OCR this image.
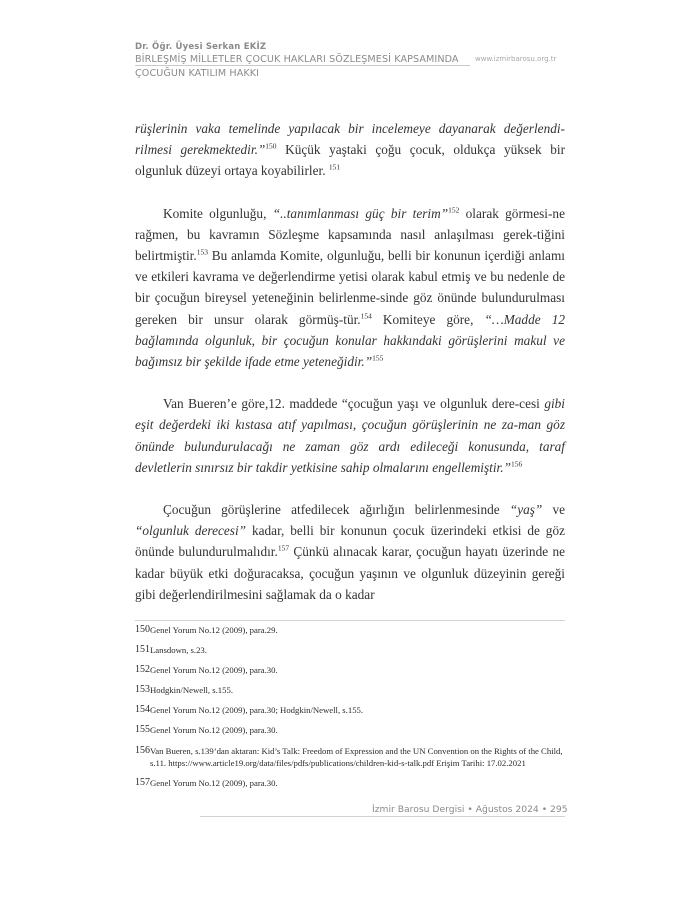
Dr. Öğr. Üyesi Serkan EKİZ
BİRLEŞMİŞ MİLLETLER ÇOCUK HAKLARI SÖZLEŞMESİ KAPSAMINDA
ÇOCUĞUN KATILIM HAKKI
www.izmirbarosu.org.tr

rüşlerinin vaka temelinde yapılacak bir incelemeye dayanarak değerlendi-rilmesi gerekmektedir.”$^{150}$ Küçük yaştaki çoğu çocuk, oldukça yüksek bir olgunluk düzeyi ortaya koyabilirler. $^{151}$

Komite olgunluğu, “..tanımlanması güç bir terim”$^{152}$ olarak görmesi-ne rağmen, bu kavramın Sözleşme kapsamında nasıl anlaşılması gerek-tiğini belirtmiştir.$^{153}$ Bu anlamda Komite, olgunluğu, belli bir konunun içerdiği anlamı ve etkileri kavrama ve değerlendirme yetisi olarak kabul etmiş ve bu nedenle de bir çocuğun bireysel yeteneğinin belirlenme-sinde göz önünde bulundurulması gereken bir unsur olarak görmüş-tür.$^{154}$ Komiteye göre, “…Madde 12 bağlamında olgunluk, bir çocuğun konular hakkındaki görüşlerini makul ve bağımsız bir şekilde ifade etme yeteneğidir.”$^{155}$

Van Bueren’e göre,12. maddede “çocuğun yaşı ve olgunluk dere-cesi gibi eşit değerdeki iki kıstasa atıf yapılması, çocuğun görüşlerinin ne za-man göz önünde bulundurulacağı ne zaman göz ardı edileceği konusunda, taraf devletlerin sınırsız bir takdir yetkisine sahip olmalarını engellemiştir.”$^{156}$

Çocuğun görüşlerine atfedilecek ağırlığın belirlenmesinde “yaş” ve “olgunluk derecesi” kadar, belli bir konunun çocuk üzerindeki etkisi de göz önünde bulundurulmalıdır.$^{157}$ Çünkü alınacak karar, çocuğun hayatı üzerinde ne kadar büyük etki doğuracaksa, çocuğun yaşının ve olgunluk düzeyinin gereği gibi değerlendirilmesini sağlamak da o kadar

150 Genel Yorum No.12 (2009), para.29.
151 Lansdown, s.23.
152 Genel Yorum No.12 (2009), para.30.
153 Hodgkin/Newell, s.155.
154 Genel Yorum No.12 (2009), para.30; Hodgkin/Newell, s.155.
155 Genel Yorum No.12 (2009), para.30.
156 Van Bueren, s.139’dan aktaran: Kid’s Talk: Freedom of Expression and the UN Convention on the Rights of the Child, s.11. https://www.article19.org/data/files/pdfs/publications/children-kid-s-talk.pdf Erişim Tarihi: 17.02.2021
157 Genel Yorum No.12 (2009), para.30.
İzmir Barosu Dergisi • Ağustos 2024 • 295
